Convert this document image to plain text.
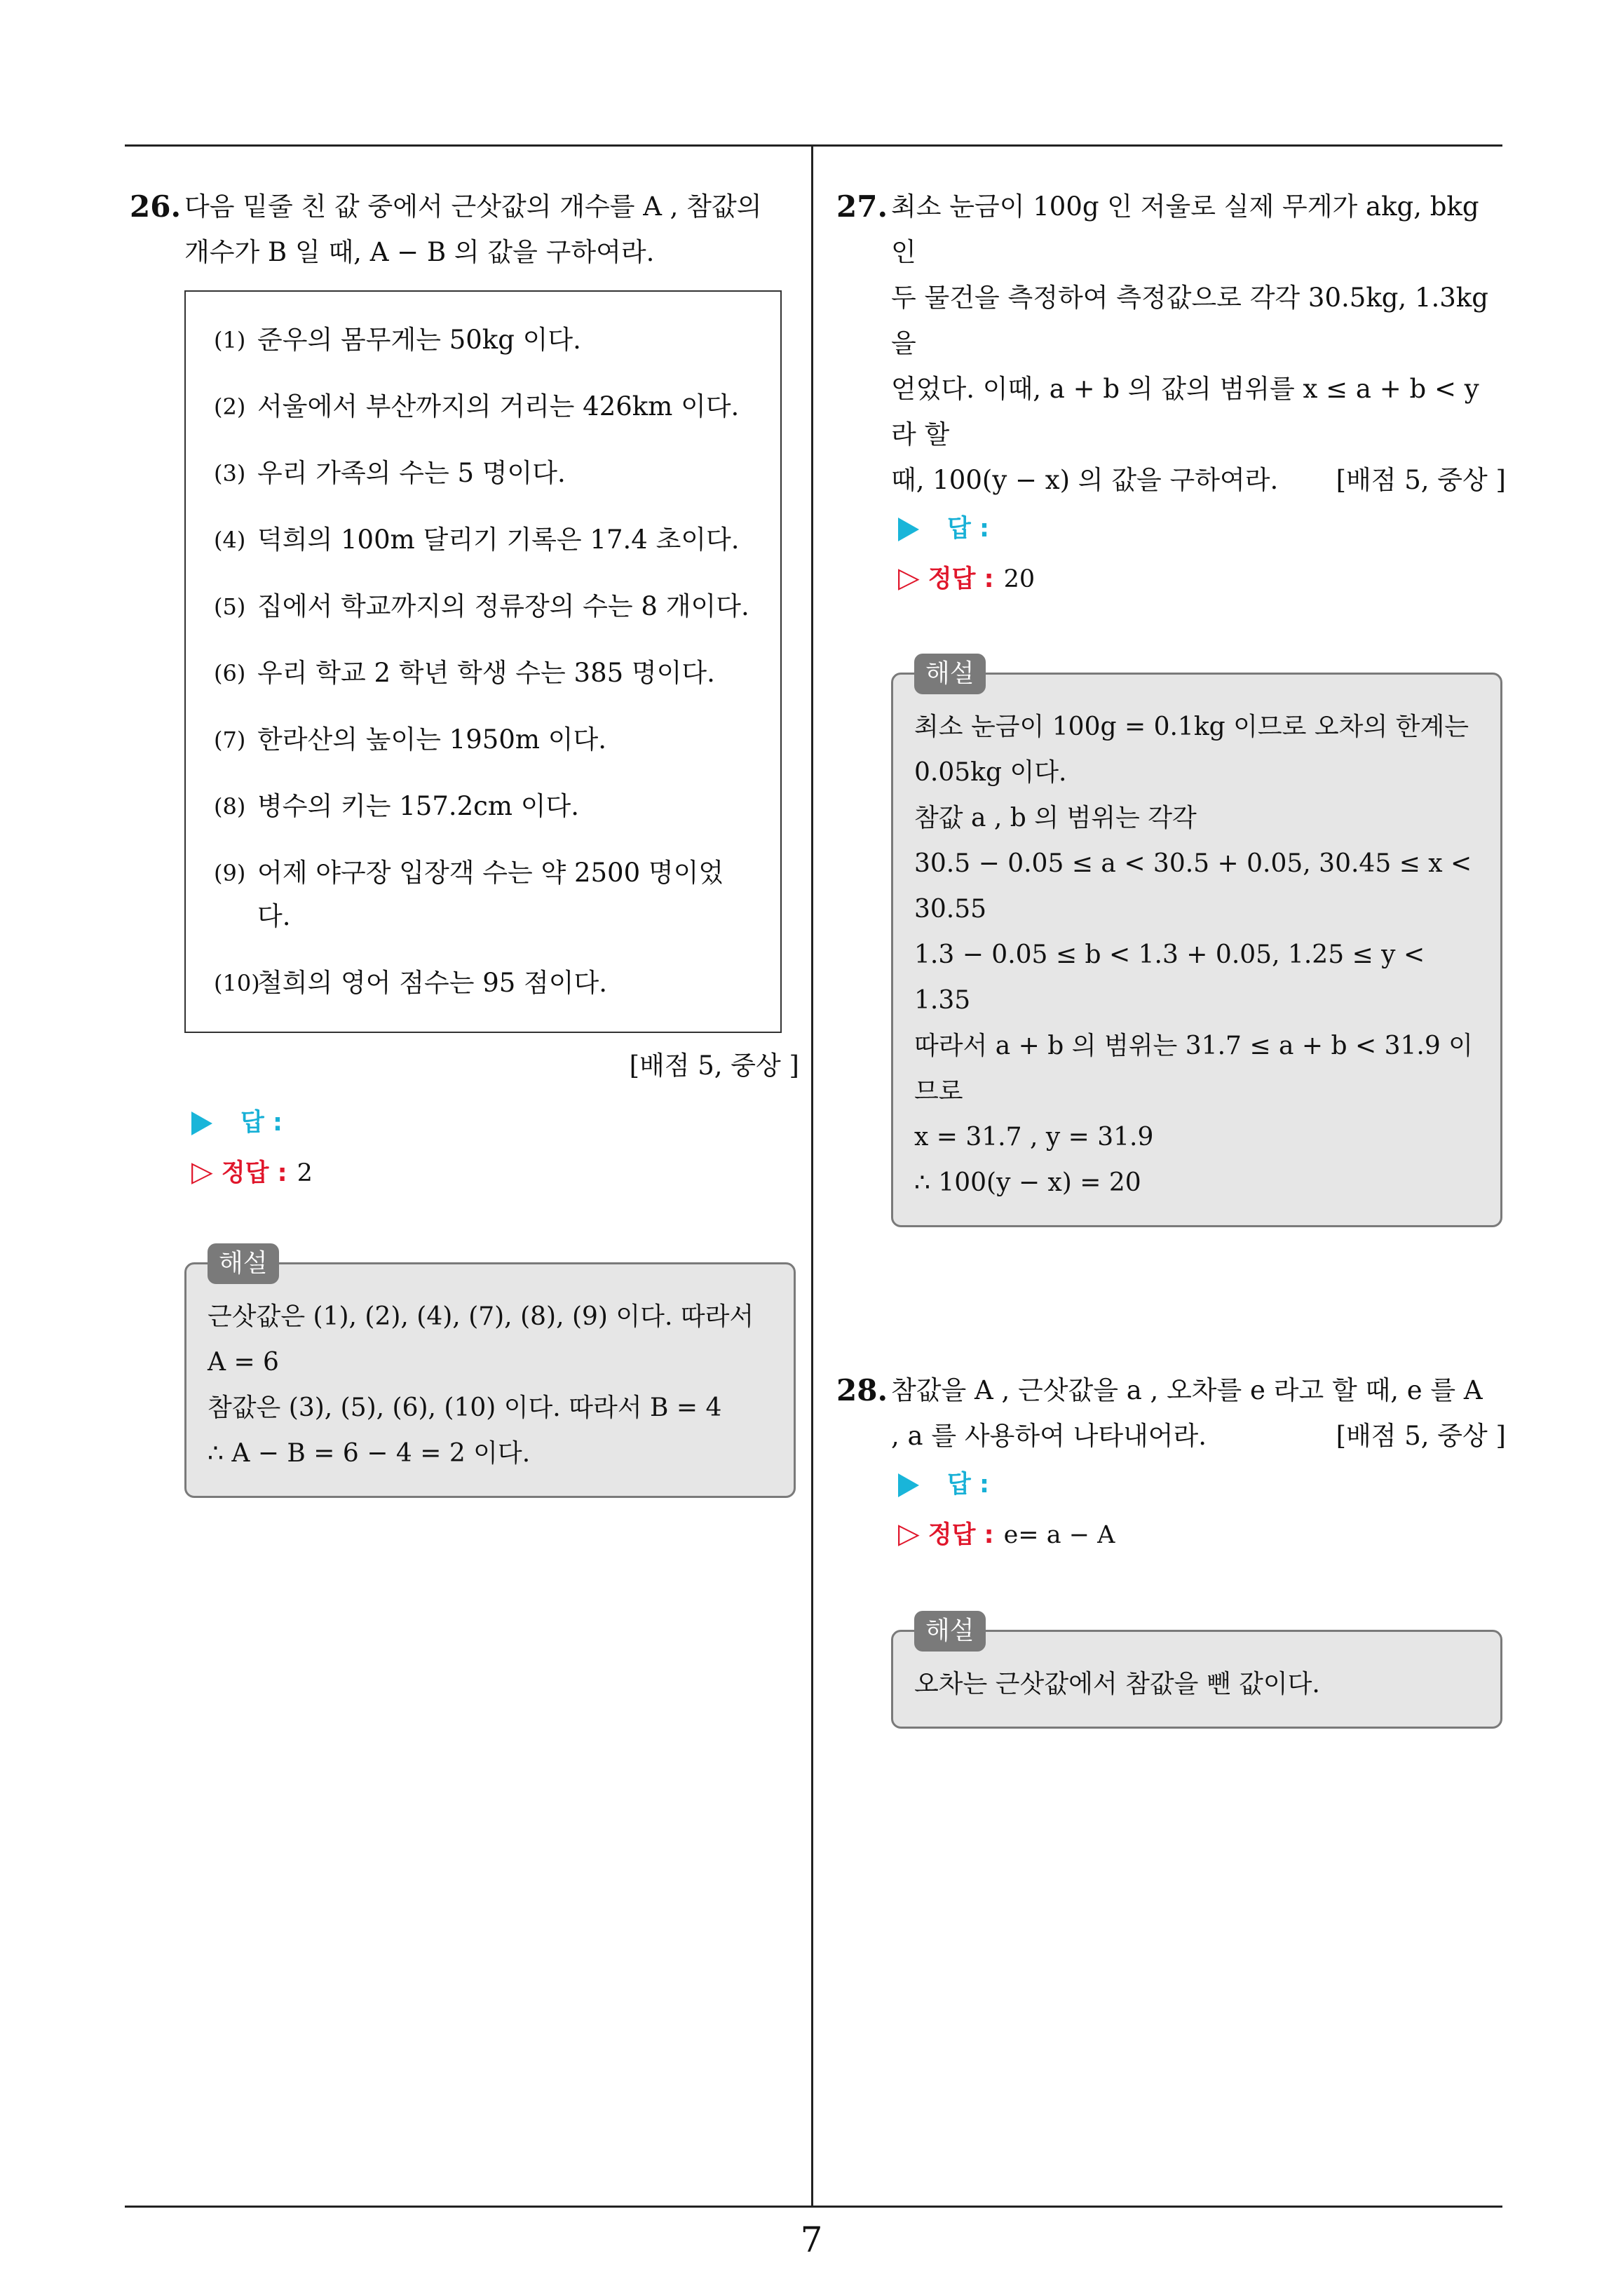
26. 다음 밑줄 친 값 중에서 근삿값의 개수를 A , 참값의
개수가 B 일 때, A − B 의 값을 구하여라.
(1) 준우의 몸무게는 50kg 이다.
(2) 서울에서 부산까지의 거리는 426km 이다.
(3) 우리 가족의 수는 5 명이다.
(4) 덕희의 100m 달리기 기록은 17.4 초이다.
(5) 집에서 학교까지의 정류장의 수는 8 개이다.
(6) 우리 학교 2 학년 학생 수는 385 명이다.
(7) 한라산의 높이는 1950m 이다.
(8) 병수의 키는 157.2cm 이다.
(9) 어제 야구장 입장객 수는 약 2500 명이었다.
(10)
철희의 영어 점수는 95 점이다.
[배점 5, 중상 ]
답 :
▷ 정답 : 2
해설

근삿값은 (1), (2), (4), (7), (8), (9) 이다. 따라서

A = 6

참값은 (3), (5), (6), (10) 이다. 따라서 B = 4

∴ A − B = 6 − 4 = 2 이다.

27. 최소 눈금이 100g 인 저울로 실제 무게가 akg, bkg 인
두 물건을 측정하여 측정값으로 각각 30.5kg, 1.3kg 을
얻었다. 이때, a + b 의 값의 범위를 x ≤ a + b < y 라 할
때, 100(y − x) 의 값을 구하여라. [배점 5, 중상 ]
답 :
▷ 정답 : 20
해설

최소 눈금이 100g = 0.1kg 이므로 오차의 한계는

0.05kg 이다.

참값 a , b 의 범위는 각각

30.5 − 0.05 ≤ a < 30.5 + 0.05, 30.45 ≤ x < 30.55

1.3 − 0.05 ≤ b < 1.3 + 0.05, 1.25 ≤ y < 1.35

따라서 a + b 의 범위는 31.7 ≤ a + b < 31.9 이므로

x = 31.7 , y = 31.9

∴ 100(y − x) = 20

28. 참값을 A , 근삿값을 a , 오차를 e 라고 할 때, e 를 A
, a 를 사용하여 나타내어라.	[배점 5, 중상 ]
답 :
▷ 정답 : e= a − A
해설

오차는 근삿값에서 참값을 뺀 값이다.

7
